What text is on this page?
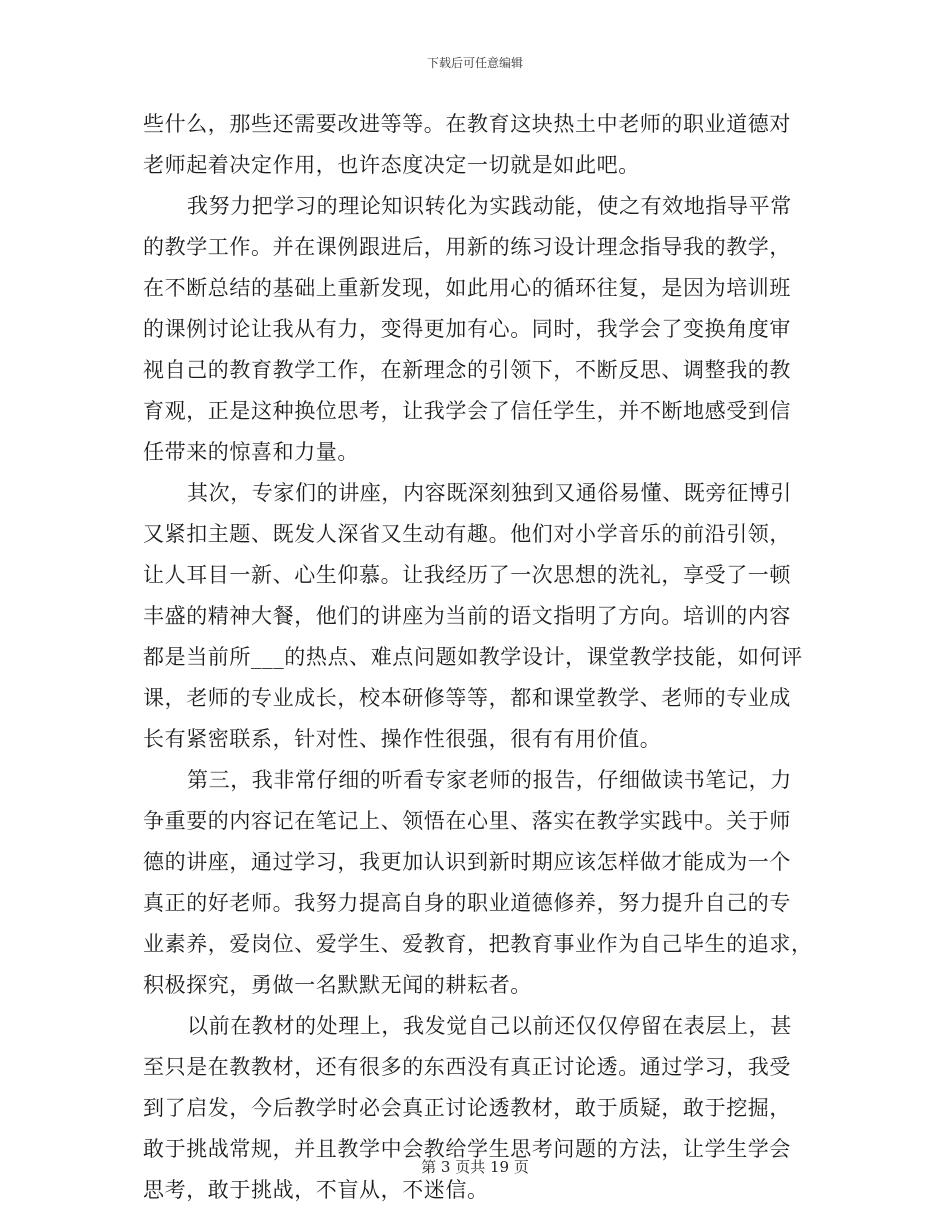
下载后可任意编辑
些什么，那些还需要改进等等。在教育这块热土中老师的职业道德对
老师起着决定作用，也许态度决定一切就是如此吧。
我努力把学习的理论知识转化为实践动能，使之有效地指导平常
的教学工作。并在课例跟进后，用新的练习设计理念指导我的教学，
在不断总结的基础上重新发现，如此用心的循环往复，是因为培训班
的课例讨论让我从有力，变得更加有心。同时，我学会了变换角度审
视自己的教育教学工作，在新理念的引领下，不断反思、调整我的教
育观，正是这种换位思考，让我学会了信任学生，并不断地感受到信
任带来的惊喜和力量。
其次，专家们的讲座，内容既深刻独到又通俗易懂、既旁征博引
又紧扣主题、既发人深省又生动有趣。他们对小学音乐的前沿引领，
让人耳目一新、心生仰慕。让我经历了一次思想的洗礼，享受了一顿
丰盛的精神大餐，他们的讲座为当前的语文指明了方向。培训的内容
都是当前所___的热点、难点问题如教学设计，课堂教学技能，如何评
课，老师的专业成长，校本研修等等，都和课堂教学、老师的专业成
长有紧密联系，针对性、操作性很强，很有有用价值。
第三，我非常仔细的听看专家老师的报告，仔细做读书笔记，力
争重要的内容记在笔记上、领悟在心里、落实在教学实践中。关于师
德的讲座，通过学习，我更加认识到新时期应该怎样做才能成为一个
真正的好老师。我努力提高自身的职业道德修养，努力提升自己的专
业素养，爱岗位、爱学生、爱教育，把教育事业作为自己毕生的追求，
积极探究，勇做一名默默无闻的耕耘者。
以前在教材的处理上，我发觉自己以前还仅仅停留在表层上，甚
至只是在教教材，还有很多的东西没有真正讨论透。通过学习，我受
到了启发，今后教学时必会真正讨论透教材，敢于质疑，敢于挖掘，
敢于挑战常规，并且教学中会教给学生思考问题的方法，让学生学会
思考，敢于挑战，不盲从，不迷信。
第 3 页共 19 页
